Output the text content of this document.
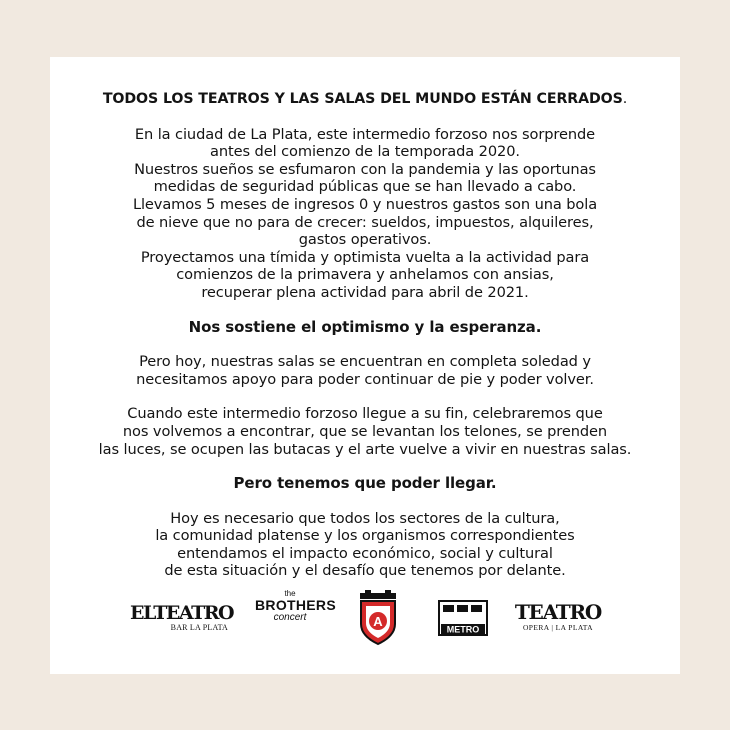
TODOS LOS TEATROS Y LAS SALAS DEL MUNDO ESTÁN CERRADOS.

En la ciudad de La Plata, este intermedio forzoso nos sorprende
antes del comienzo de la temporada 2020.
Nuestros sueños se esfumaron con la pandemia y las oportunas
medidas de seguridad públicas que se han llevado a cabo.
Llevamos 5 meses de ingresos 0 y nuestros gastos son una bola
de nieve que no para de crecer: sueldos, impuestos, alquileres,
gastos operativos.
Proyectamos una tímida y optimista vuelta a la actividad para
comienzos de la primavera y anhelamos con ansias,
recuperar plena actividad para abril de 2021.

Nos sostiene el optimismo y la esperanza.

Pero hoy, nuestras salas se encuentran en completa soledad y
necesitamos apoyo para poder continuar de pie y poder volver.

Cuando este intermedio forzoso llegue a su fin, celebraremos que
nos volvemos a encontrar, que se levantan los telones, se prenden
las luces, se ocupen las butacas y el arte vuelve a vivir en nuestras salas.

Pero tenemos que poder llegar.

Hoy es necesario que todos los sectores de la cultura,
la comunidad platense y los organismos correspondientes
entendamos el impacto económico, social y cultural
de esta situación y el desafío que tenemos por delante.

ELTEATRO
BAR LA PLATA
the
BROTHERS
concert	A
METRO
TEATRO
OPERA | LA PLATA
